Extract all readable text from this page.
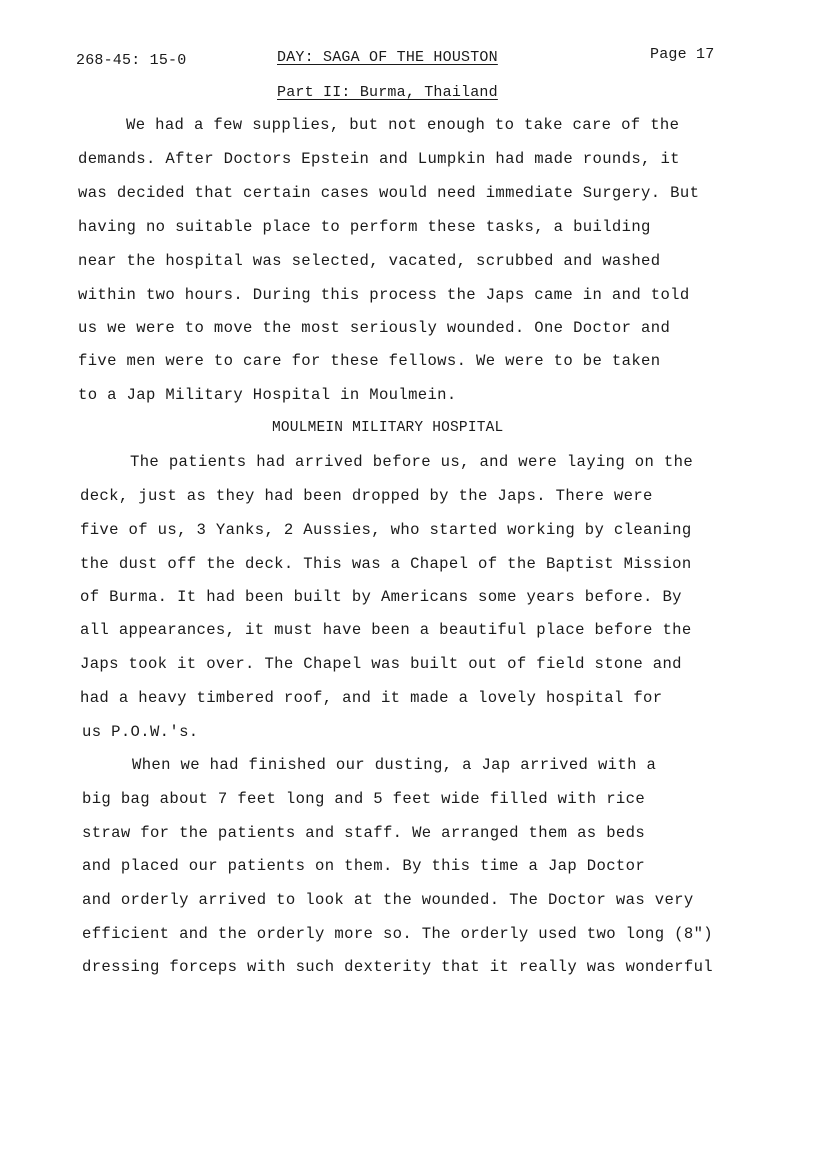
268-45: 15-0	DAY: SAGA OF THE HOUSTON	Page 17
Part II: Burma, Thailand
We had a few supplies, but not enough to take care of the
demands. After Doctors Epstein and Lumpkin had made rounds, it
was decided that certain cases would need immediate Surgery. But
having no suitable place to perform these tasks, a building
near the hospital was selected, vacated, scrubbed and washed
within two hours. During this process the Japs came in and told
us we were to move the most seriously wounded. One Doctor and
five men were to care for these fellows. We were to be taken
to a Jap Military Hospital in Moulmein.
MOULMEIN MILITARY HOSPITAL
The patients had arrived before us, and were laying on the
deck, just as they had been dropped by the Japs. There were
five of us, 3 Yanks, 2 Aussies, who started working by cleaning
the dust off the deck. This was a Chapel of the Baptist Mission
of Burma. It had been built by Americans some years before. By
all appearances, it must have been a beautiful place before the
Japs took it over. The Chapel was built out of field stone and
had a heavy timbered roof, and it made a lovely hospital for
us P.O.W.'s.
When we had finished our dusting, a Jap arrived with a
big bag about 7 feet long and 5 feet wide filled with rice
straw for the patients and staff. We arranged them as beds
and placed our patients on them. By this time a Jap Doctor
and orderly arrived to look at the wounded. The Doctor was very
efficient and the orderly more so. The orderly used two long (8")
dressing forceps with such dexterity that it really was wonderful
